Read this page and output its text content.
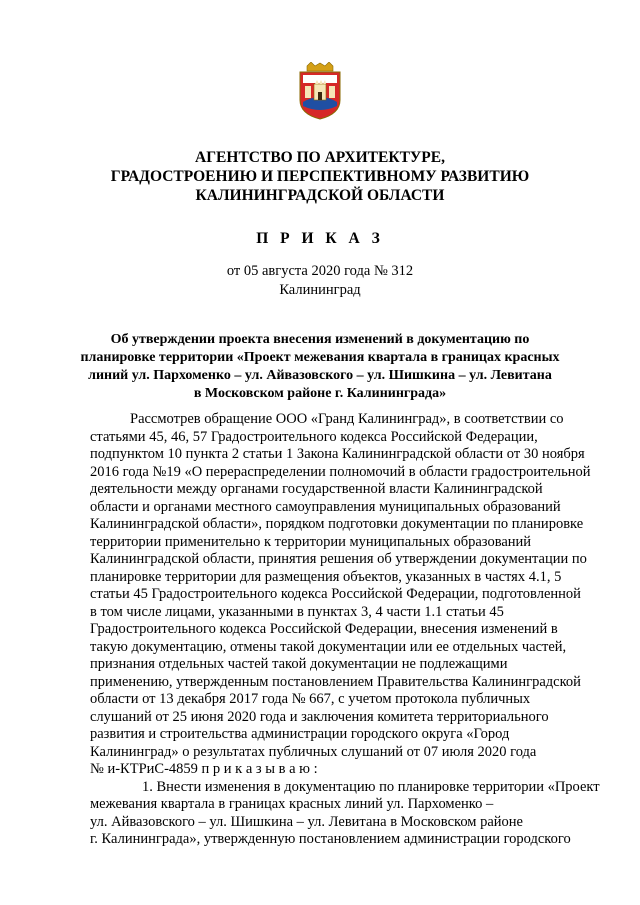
АГЕНТСТВО ПО АРХИТЕКТУРЕ,
ГРАДОСТРОЕНИЮ И ПЕРСПЕКТИВНОМУ РАЗВИТИЮ
КАЛИНИНГРАДСКОЙ ОБЛАСТИ
П Р И К А З
от 05 августа 2020 года № 312
Калининград
Об утверждении проекта внесения изменений в документацию по
планировке территории «Проект межевания квартала в границах красных
линий ул. Пархоменко – ул. Айвазовского – ул. Шишкина – ул. Левитана
в Московском районе г. Калининграда»
Рассмотрев обращение ООО «Гранд Калининград», в соответствии со
статьями 45, 46, 57 Градостроительного кодекса Российской Федерации,
подпунктом 10 пункта 2 статьи 1 Закона Калининградской области от 30 ноября
2016 года №19 «О перераспределении полномочий в области градостроительной
деятельности между органами государственной власти Калининградской
области и органами местного самоуправления муниципальных образований
Калининградской области», порядком подготовки документации по планировке
территории применительно к территории муниципальных образований
Калининградской области, принятия решения об утверждении документации по
планировке территории для размещения объектов, указанных в частях 4.1, 5
статьи 45 Градостроительного кодекса Российской Федерации, подготовленной
в том числе лицами, указанными в пунктах 3, 4 части 1.1 статьи 45
Градостроительного кодекса Российской Федерации, внесения изменений в
такую документацию, отмены такой документации или ее отдельных частей,
признания отдельных частей такой документации не подлежащими
применению, утвержденным постановлением Правительства Калининградской
области от 13 декабря 2017 года № 667, с учетом протокола публичных
слушаний от 25 июня 2020 года и заключения комитета территориального
развития и строительства администрации городского округа «Город
Калининград» о результатах публичных слушаний от 07 июля 2020 года
№ и-КТРиС-4859 п р и к а з ы в а ю :
1. Внести изменения в документацию по планировке территории «Проект
межевания квартала в границах красных линий ул. Пархоменко –
ул. Айвазовского – ул. Шишкина – ул. Левитана в Московском районе
г. Калининграда», утвержденную постановлением администрации городского
